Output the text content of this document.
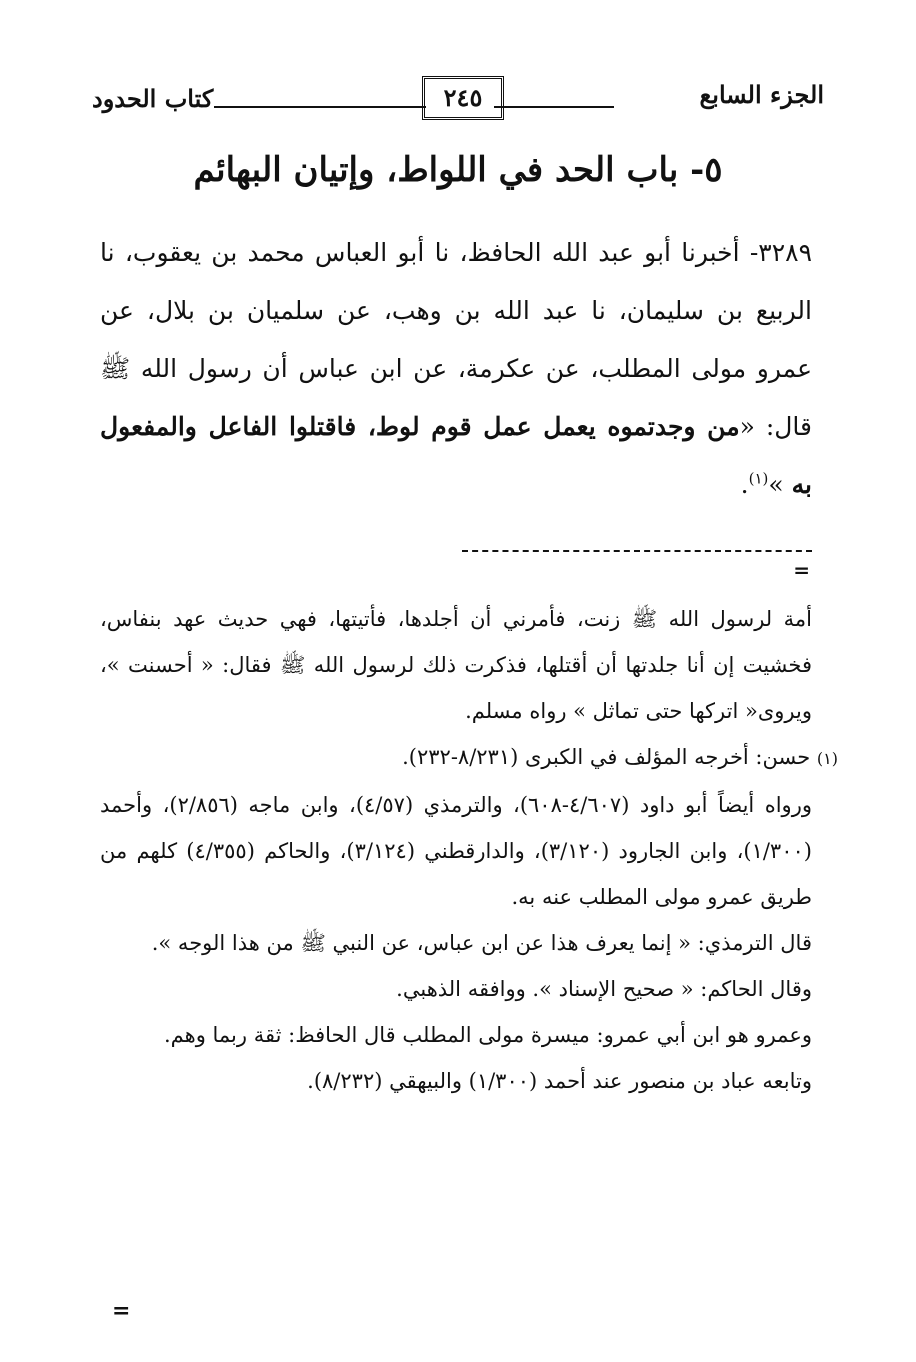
الجزء السابع
٢٤٥
كتاب الحدود
٥- باب الحد في اللواط، وإتيان البهائم

٣٢٨٩- أخبرنا أبو عبد الله الحافظ، نا أبو العباس محمد بن يعقوب، نا الربيع بن سليمان، نا عبد الله بن وهب، عن سلميان بن بلال، عن عمرو مولى المطلب، عن عكرمة، عن ابن عباس أن رسول الله ﷺ قال: «من وجدتموه يعمل عمل قوم لوط، فاقتلوا الفاعل والمفعول به »$^{(١)}$.

=

أمة لرسول الله ﷺ زنت، فأمرني أن أجلدها، فأتيتها، فهي حديث عهد بنفاس، فخشيت إن أنا جلدتها أن أقتلها، فذكرت ذلك لرسول الله ﷺ فقال: « أحسنت »، ويروى« اتركها حتى تماثل » رواه مسلم.

(١) حسن: أخرجه المؤلف في الكبرى (٨/٢٣١-٢٣٢).

ورواه أيضاً أبو داود (٤/٦٠٧-٦٠٨)، والترمذي (٤/٥٧)، وابن ماجه (٢/٨٥٦)، وأحمد (١/٣٠٠)، وابن الجارود (٣/١٢٠)، والدارقطني (٣/١٢٤)، والحاكم (٤/٣٥٥) كلهم من طريق عمرو مولى المطلب عنه به.

قال الترمذي: « إنما يعرف هذا عن ابن عباس، عن النبي ﷺ من هذا الوجه ».

وقال الحاكم: « صحيح الإسناد ». ووافقه الذهبي.

وعمرو هو ابن أبي عمرو: ميسرة مولى المطلب قال الحافظ: ثقة ربما وهم.

وتابعه عباد بن منصور عند أحمد (١/٣٠٠) والبيهقي (٨/٢٣٢).

=
